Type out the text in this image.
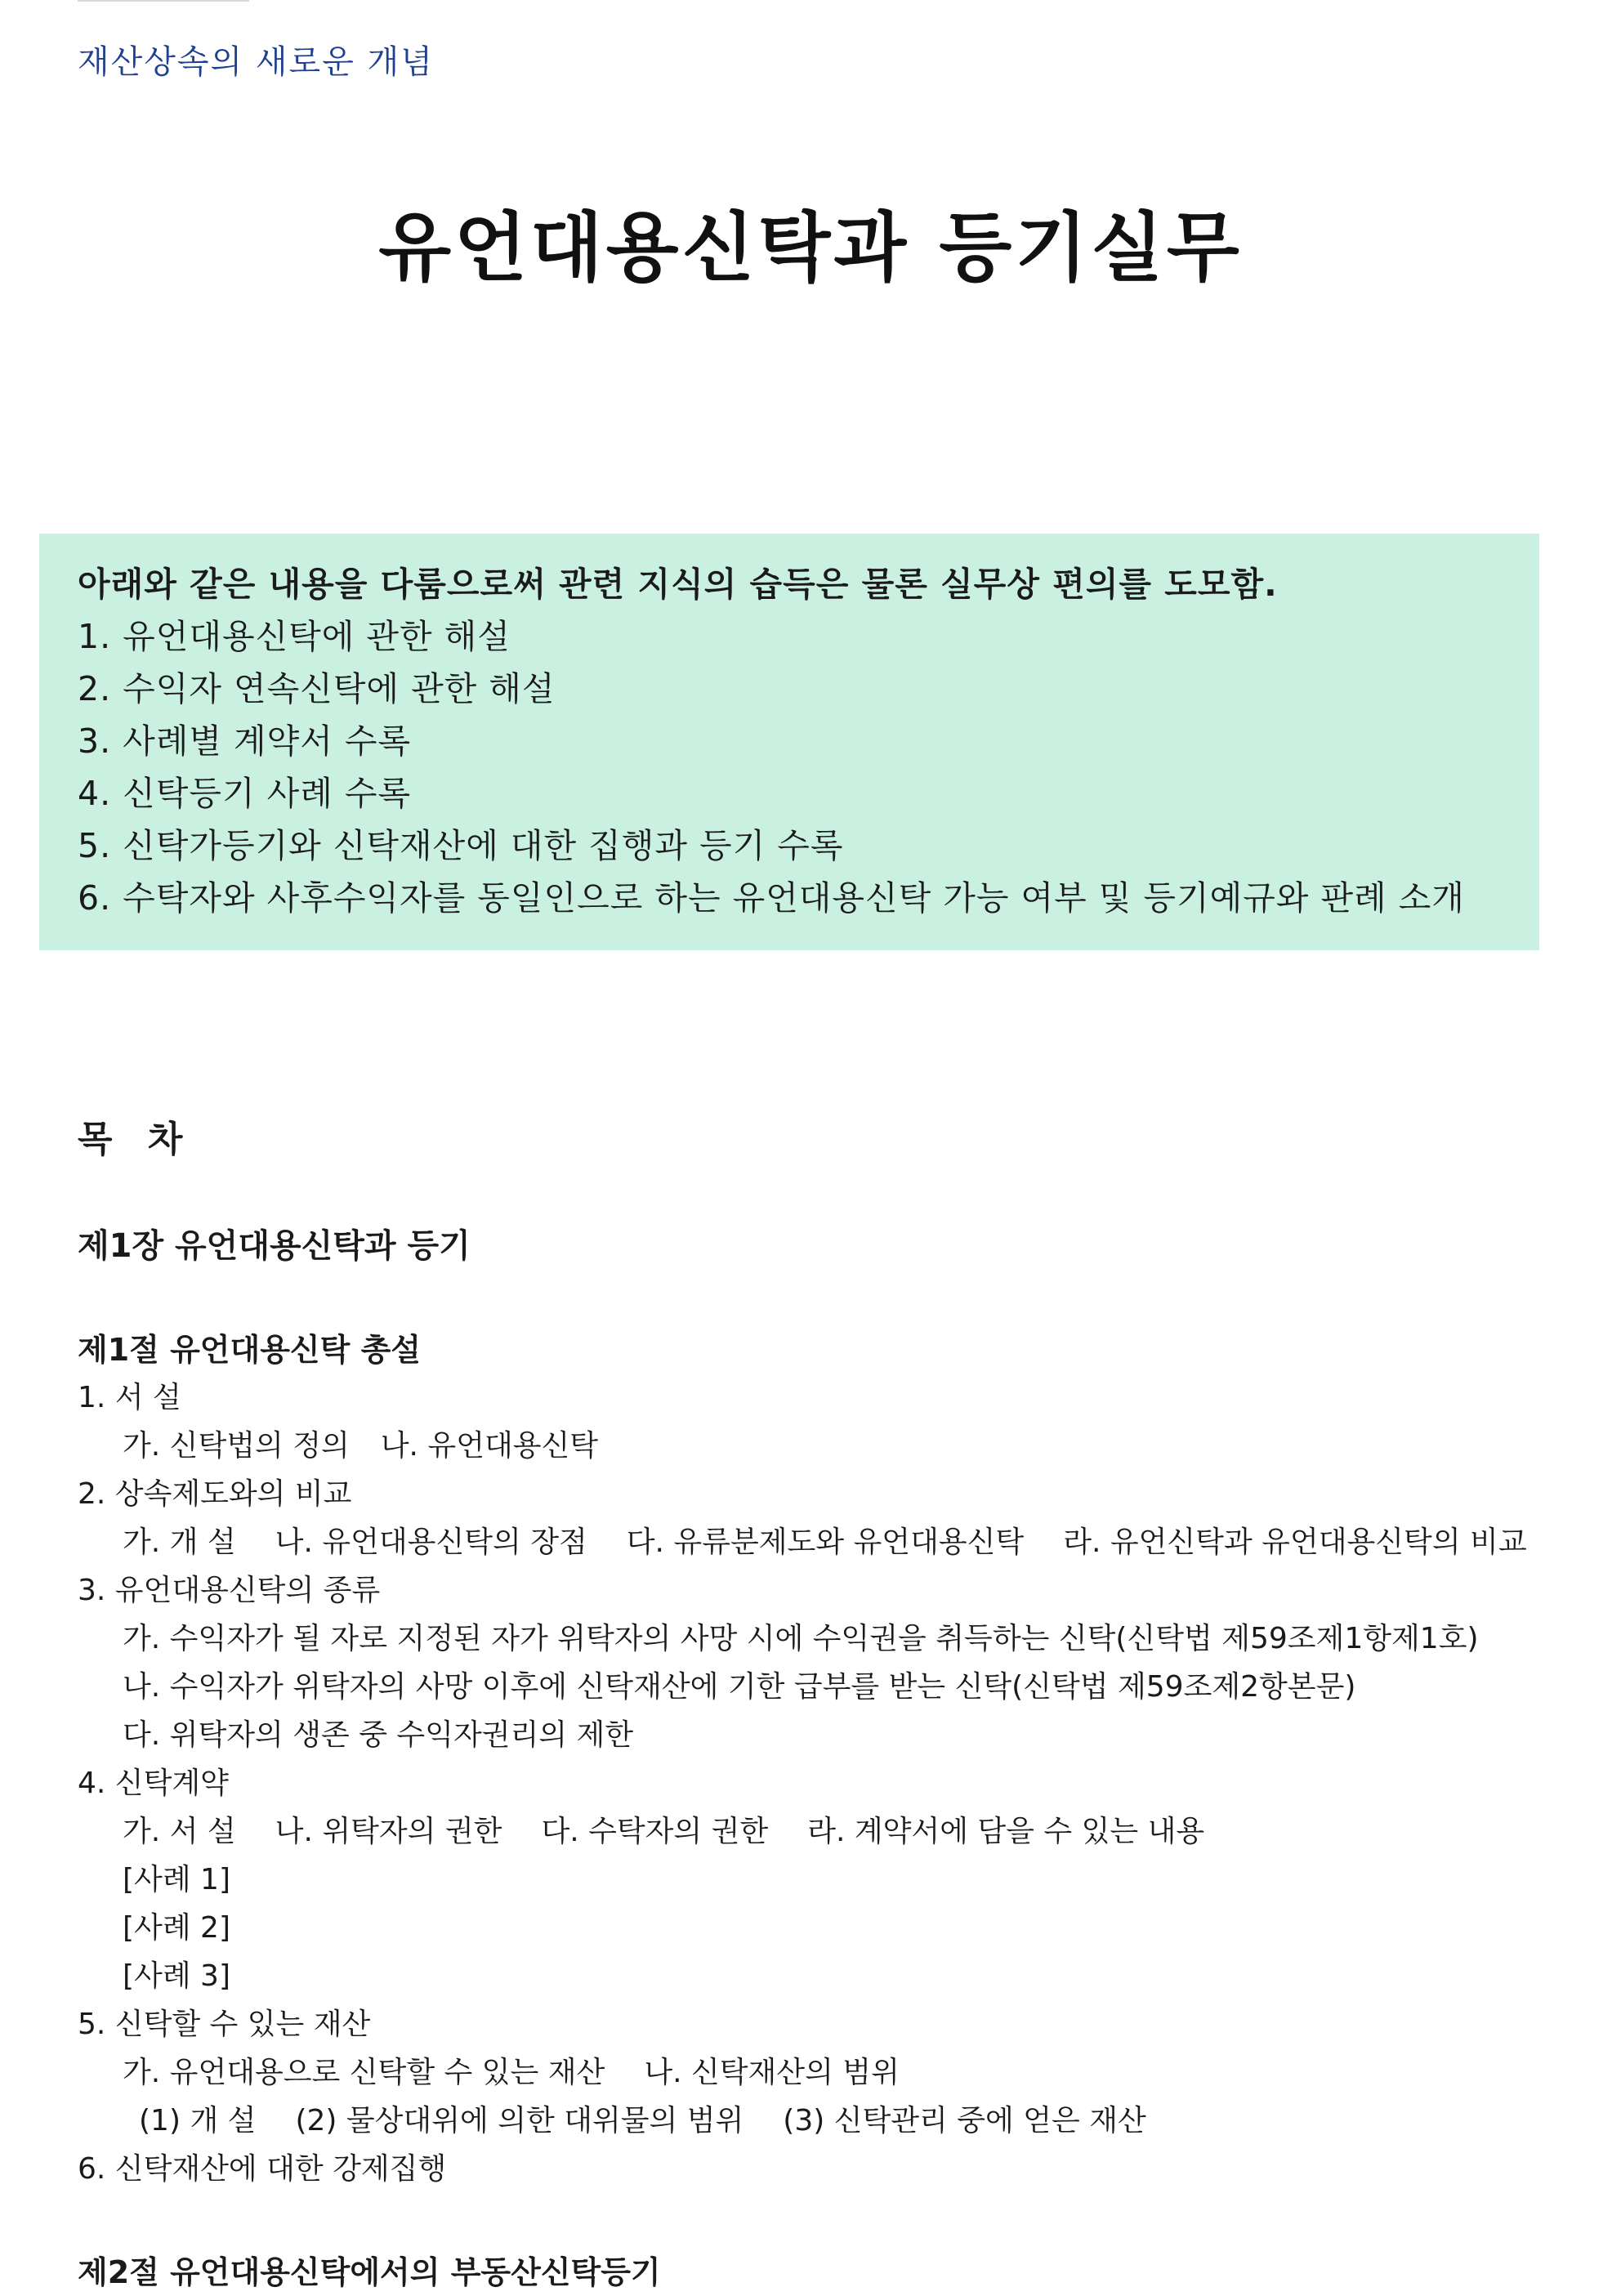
재산상속의 새로운 개념
유언대용신탁과 등기실무
아래와 같은 내용을 다룸으로써 관련 지식의 습득은 물론 실무상 편의를 도모함.
1. 유언대용신탁에 관한 해설
2. 수익자 연속신탁에 관한 해설
3. 사례별 계약서 수록
4. 신탁등기 사례 수록
5. 신탁가등기와 신탁재산에 대한 집행과 등기 수록
6. 수탁자와 사후수익자를 동일인으로 하는 유언대용신탁 가능 여부 및 등기예규와 판례 소개
목 차
제1장 유언대용신탁과 등기
제1절 유언대용신탁 총설
1. 서 설
가. 신탁법의 정의 나. 유언대용신탁
2. 상속제도와의 비교
가. 개 설 나. 유언대용신탁의 장점 다. 유류분제도와 유언대용신탁 라. 유언신탁과 유언대용신탁의 비교
3. 유언대용신탁의 종류
가. 수익자가 될 자로 지정된 자가 위탁자의 사망 시에 수익권을 취득하는 신탁(신탁법 제59조제1항제1호)
나. 수익자가 위탁자의 사망 이후에 신탁재산에 기한 급부를 받는 신탁(신탁법 제59조제2항본문)
다. 위탁자의 생존 중 수익자권리의 제한
4. 신탁계약
가. 서 설 나. 위탁자의 권한 다. 수탁자의 권한 라. 계약서에 담을 수 있는 내용
[사례 1]
[사례 2]
[사례 3]
5. 신탁할 수 있는 재산
가. 유언대용으로 신탁할 수 있는 재산 나. 신탁재산의 범위
(1) 개 설 (2) 물상대위에 의한 대위물의 범위 (3) 신탁관리 중에 얻은 재산
6. 신탁재산에 대한 강제집행
제2절 유언대용신탁에서의 부동산신탁등기
